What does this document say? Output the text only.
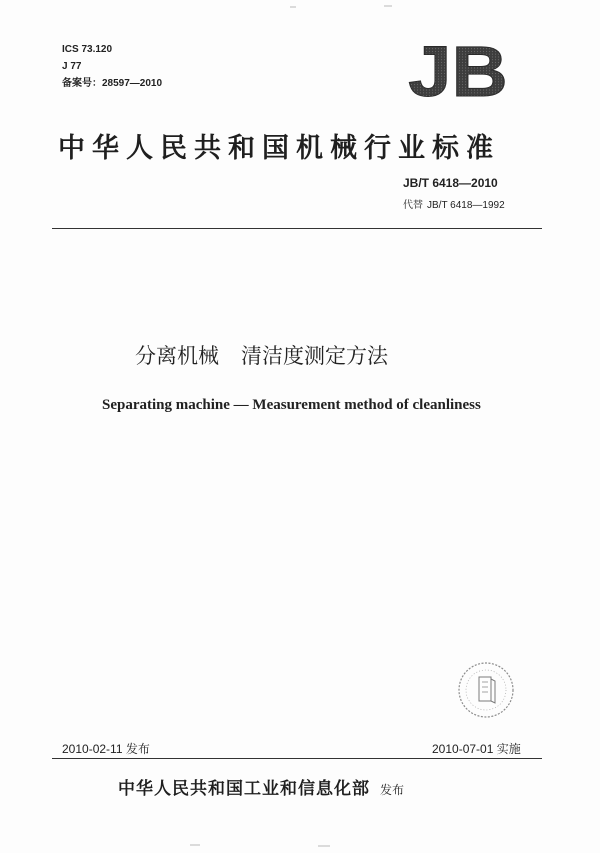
ICS 73.120
J 77
备案号：28597—2010	JB
中华人民共和国机械行业标准
JB/T 6418—2010
代替 JB/T 6418—1992
分离机械 清洁度测定方法
Separating machine — Measurement method of cleanliness
2010-02-11 发布	2010-07-01 实施
中华人民共和国工业和信息化部 发布
